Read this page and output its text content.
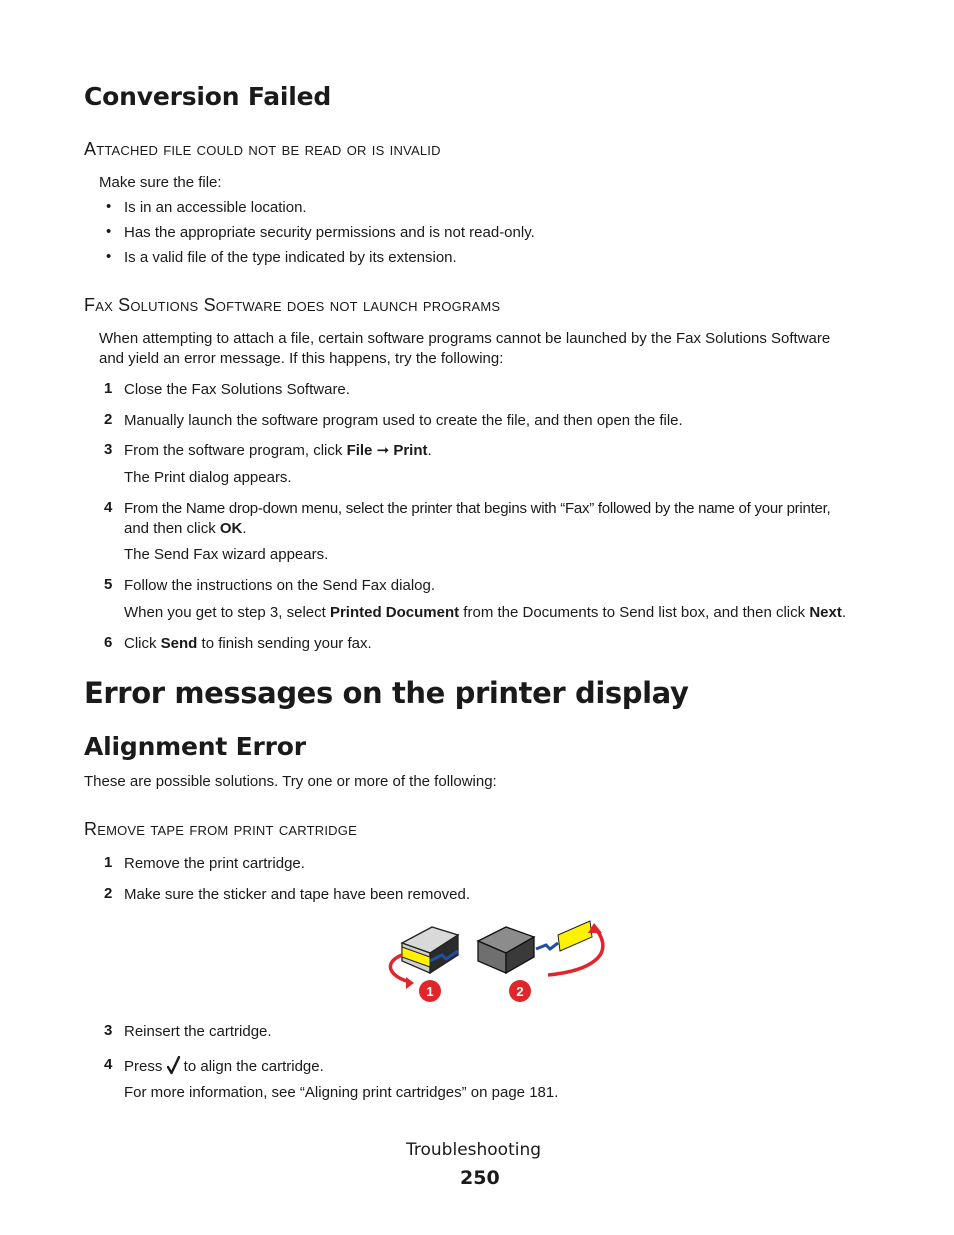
Conversion Failed
Attached file could not be read or is invalid
Make sure the file:
• Is in an accessible location.
• Has the appropriate security permissions and is not read-only.
• Is a valid file of the type indicated by its extension.
Fax Solutions Software does not launch programs
When attempting to attach a file, certain software programs cannot be launched by the Fax Solutions Software
and yield an error message. If this happens, try the following:
1 Close the Fax Solutions Software.
2 Manually launch the software program used to create the file, and then open the file.
3 From the software program, click File ➞ Print.
The Print dialog appears.
4 From the Name drop-down menu, select the printer that begins with “Fax” followed by the name of your printer,
and then click OK.
The Send Fax wizard appears.
5 Follow the instructions on the Send Fax dialog.
When you get to step 3, select Printed Document from the Documents to Send list box, and then click Next.
6 Click Send to finish sending your fax.
Error messages on the printer display
Alignment Error
These are possible solutions. Try one or more of the following:
Remove tape from print cartridge
1 Remove the print cartridge.
2 Make sure the sticker and tape have been removed.
1	2
3 Reinsert the cartridge.
4 Press  to align the cartridge.
For more information, see “Aligning print cartridges” on page 181.
Troubleshooting
250
